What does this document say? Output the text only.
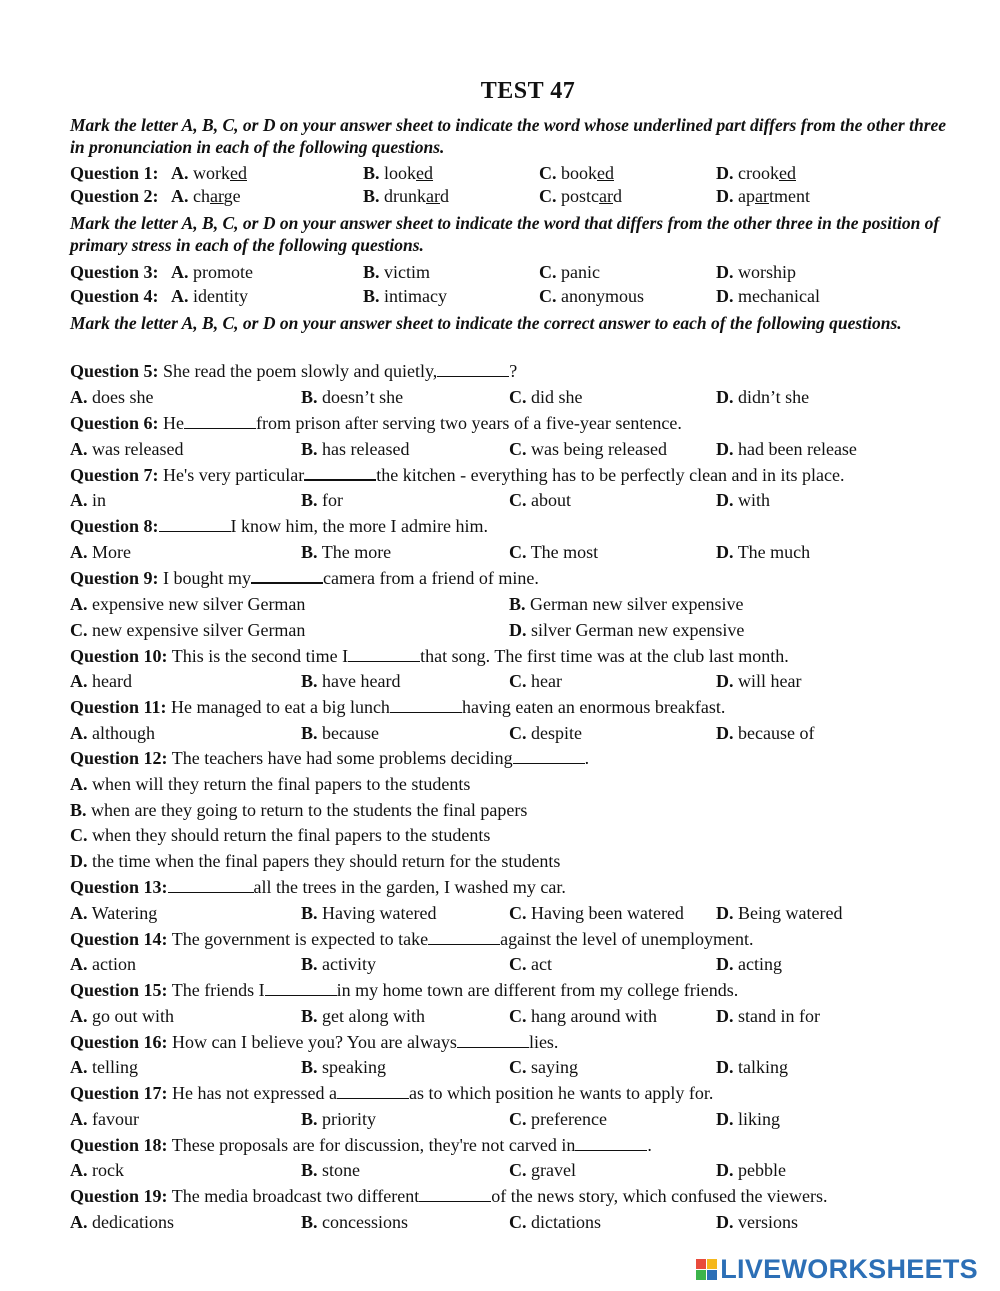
TEST 47
Mark the letter A, B, C, or D on your answer sheet to indicate the word whose underlined part differs from the other three in pronunciation in each of the following questions.
Question 1: A. worked	B. looked	C. booked	D. crooked
Question 2: A. charge	B. drunkard	C. postcard	D. apartment
Mark the letter A, B, C, or D on your answer sheet to indicate the word that differs from the other three in the position of primary stress in each of the following questions.
Question 3: A. promote	B. victim	C. panic	D. worship
Question 4: A. identity	B. intimacy	C. anonymous	D. mechanical
Mark the letter A, B, C, or D on your answer sheet to indicate the correct answer to each of the following questions.
Question 5: She read the poem slowly and quietly,	?
A. does she	B. doesn’t she	C. did she	D. didn’t she
Question 6: He	from prison after serving two years of a five-year sentence.
A. was released	B. has released	C. was being released	D. had been release
Question 7: He's very particular	the kitchen - everything has to be perfectly clean and in its place.
A. in	B. for	C. about	D. with
Question 8:	I know him, the more I admire him.
A. More	B. The more	C. The most	D. The much
Question 9: I bought my	camera from a friend of mine.
A. expensive new silver German	B. German new silver expensive
C. new expensive silver German	D. silver German new expensive
Question 10: This is the second time I	that song. The first time was at the club last month.
A. heard	B. have heard	C. hear	D. will hear
Question 11: He managed to eat a big lunch	having eaten an enormous breakfast.
A. although	B. because	C. despite	D. because of
Question 12: The teachers have had some problems deciding	.
A. when will they return the final papers to the students
B. when are they going to return to the students the final papers
C. when they should return the final papers to the students
D. the time when the final papers they should return for the students
Question 13:	all the trees in the garden, I washed my car.
A. Watering	B. Having watered	C. Having been watered D. Being watered
Question 14: The government is expected to take	against the level of unemployment.
A. action	B. activity	C. act	D. acting
Question 15: The friends I	in my home town are different from my college friends.
A. go out with	B. get along with	C. hang around with	D. stand in for
Question 16: How can I believe you? You are always	lies.
A. telling	B. speaking	C. saying	D. talking
Question 17: He has not expressed a	as to which position he wants to apply for.
A. favour	B. priority	C. preference	D. liking
Question 18: These proposals are for discussion, they're not carved in	.
A. rock	B. stone	C. gravel	D. pebble
Question 19: The media broadcast two different	of the news story, which confused the viewers.
A. dedications	B. concessions	C. dictations	D. versions
LIVEWORKSHEETS
